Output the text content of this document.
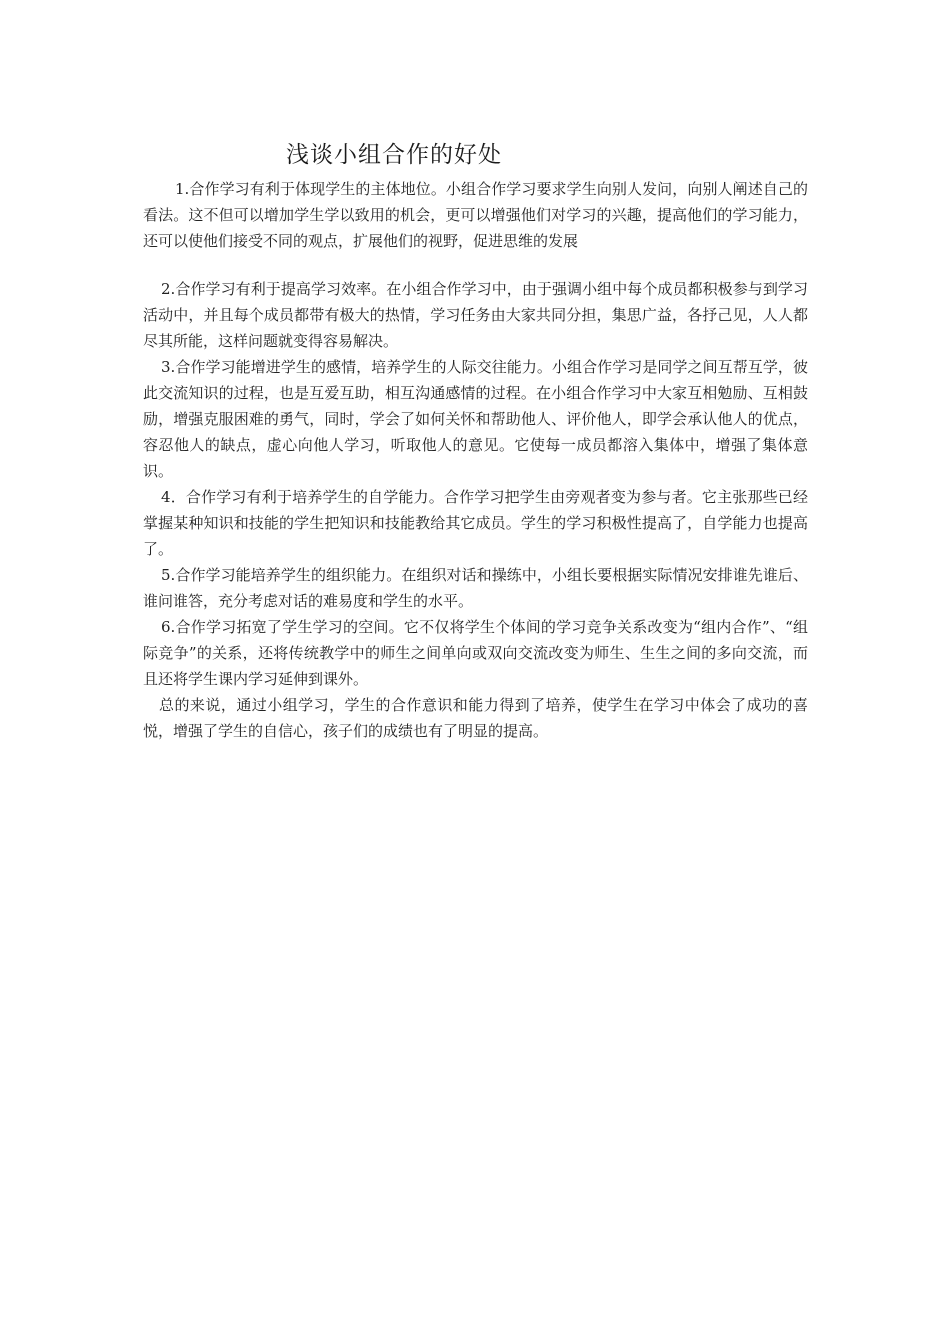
浅谈小组合作的好处

1.合作学习有利于体现学生的主体地位。小组合作学习要求学生向别人发问，向别人阐述自己的看法。这不但可以增加学生学以致用的机会，更可以增强他们对学习的兴趣，提高他们的学习能力，还可以使他们接受不同的观点，扩展他们的视野，促进思维的发展

2.合作学习有利于提高学习效率。在小组合作学习中，由于强调小组中每个成员都积极参与到学习活动中，并且每个成员都带有极大的热情，学习任务由大家共同分担，集思广益，各抒己见，人人都尽其所能，这样问题就变得容易解决。

3.合作学习能增进学生的感情，培养学生的人际交往能力。小组合作学习是同学之间互帮互学，彼此交流知识的过程，也是互爱互助，相互沟通感情的过程。在小组合作学习中大家互相勉励、互相鼓励，增强克服困难的勇气，同时，学会了如何关怀和帮助他人、评价他人，即学会承认他人的优点，容忍他人的缺点，虚心向他人学习，听取他人的意见。它使每一成员都溶入集体中，增强了集体意识。

4．合作学习有利于培养学生的自学能力。合作学习把学生由旁观者变为参与者。它主张那些已经掌握某种知识和技能的学生把知识和技能教给其它成员。学生的学习积极性提高了，自学能力也提高了。

5.合作学习能培养学生的组织能力。在组织对话和操练中，小组长要根据实际情况安排谁先谁后、谁问谁答，充分考虑对话的难易度和学生的水平。

6.合作学习拓宽了学生学习的空间。它不仅将学生个体间的学习竞争关系改变为“组内合作”、“组际竞争”的关系，还将传统教学中的师生之间单向或双向交流改变为师生、生生之间的多向交流，而且还将学生课内学习延伸到课外。

总的来说，通过小组学习，学生的合作意识和能力得到了培养，使学生在学习中体会了成功的喜悦，增强了学生的自信心，孩子们的成绩也有了明显的提高。
